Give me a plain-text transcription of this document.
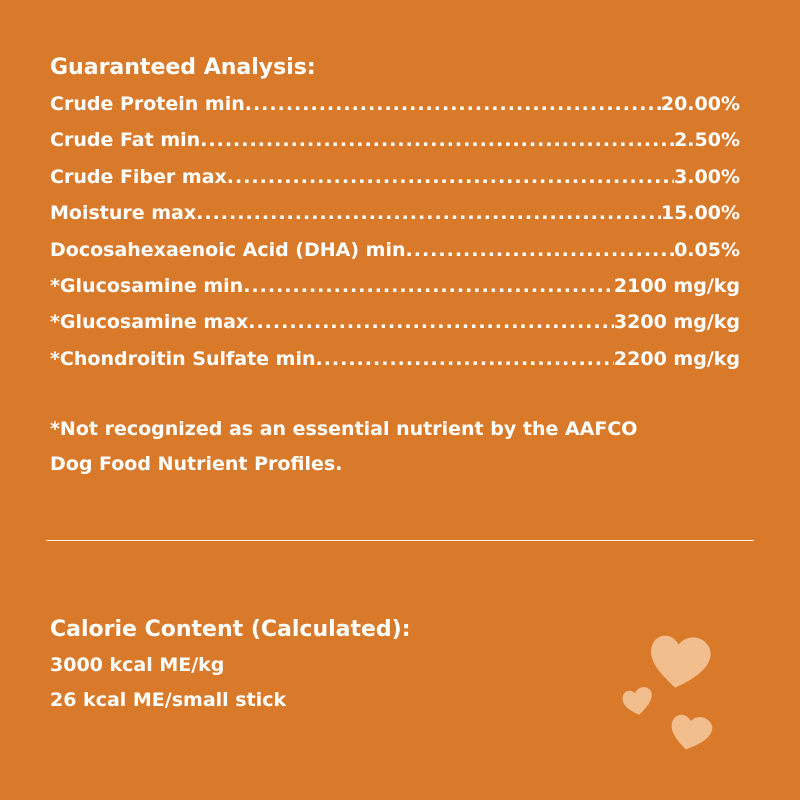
Guaranteed Analysis:
Crude Protein min .....	20.00%
Crude Fat min .....	2.50%
Crude Fiber max .....	3.00%
Moisture max .....	15.00%
Docosahexaenoic Acid (DHA) min .....	0.05%
*Glucosamine min .....	2100 mg/kg
*Glucosamine max .....	3200 mg/kg
*Chondroitin Sulfate min .....	2200 mg/kg
*Not recognized as an essential nutrient by the AAFCO
Dog Food Nutrient Profiles.
Calorie Content (Calculated):
3000 kcal ME/kg
26 kcal ME/small stick
